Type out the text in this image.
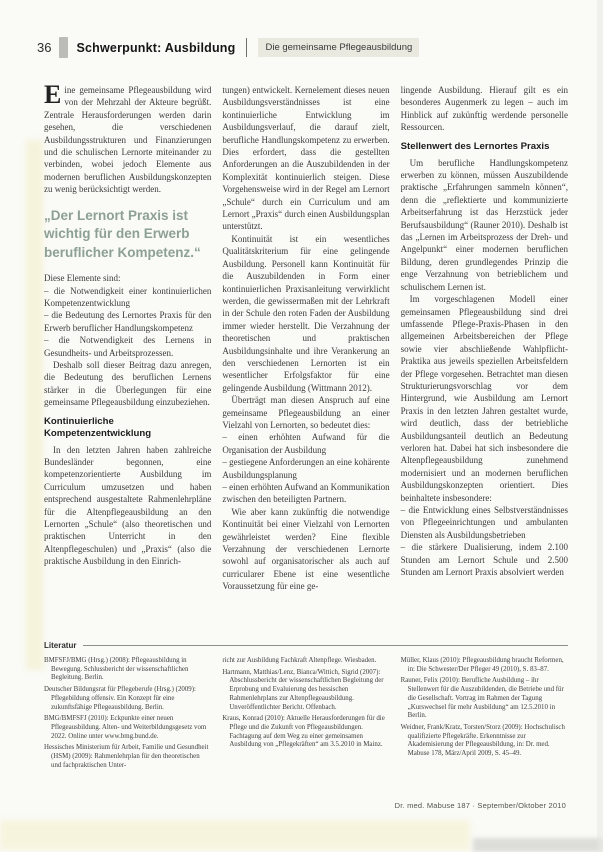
36 Schwerpunkt: Ausbildung	Die gemeinsame Pflegeausbildung

Eine gemeinsame Pflegeausbildung wird von der Mehrzahl der Akteure begrüßt. Zentrale Herausforderungen werden darin gesehen, die verschiedenen Ausbildungsstrukturen und Finanzierungen und die schulischen Lernorte miteinander zu verbinden, wobei jedoch Elemente aus modernen beruflichen Ausbildungskonzepten zu wenig berücksichtigt werden.

„Der Lernort Praxis ist wichtig für den Erwerb beruflicher Kompetenz.“

Diese Elemente sind:

– die Notwendigkeit einer kontinuierlichen Kompetenzentwicklung

– die Bedeutung des Lernortes Praxis für den Erwerb beruflicher Handlungskompetenz

– die Notwendigkeit des Lernens in Gesundheits- und Arbeitsprozessen.

Deshalb soll dieser Beitrag dazu anregen, die Bedeutung des beruflichen Lernens stärker in die Überlegungen für eine gemeinsame Pflegeausbildung einzubeziehen.

Kontinuierliche Kompetenzentwicklung

In den letzten Jahren haben zahlreiche Bundesländer begonnen, eine kompetenzorientierte Ausbildung im Curriculum umzusetzen und haben entsprechend ausgestaltete Rahmenlehrpläne für die Altenpflegeausbildung an den Lernorten „Schule“ (also theoretischen und praktischen Unterricht in den Altenpflegeschulen) und „Praxis“ (also die praktische Ausbildung in den Einrich-

tungen) entwickelt. Kernelement dieses neuen Ausbildungsverständnisses ist eine kontinuierliche Entwicklung im Ausbildungsverlauf, die darauf zielt, berufliche Handlungskompetenz zu erwerben. Dies erfordert, dass die gestellten Anforderungen an die Auszubildenden in der Komplexität kontinuierlich steigen. Diese Vorgehensweise wird in der Regel am Lernort „Schule“ durch ein Curriculum und am Lernort „Praxis“ durch einen Ausbildungsplan unterstützt.

Kontinuität ist ein wesentliches Qualitätskriterium für eine gelingende Ausbildung. Personell kann Kontinuität für die Auszubildenden in Form einer kontinuierlichen Praxisanleitung verwirklicht werden, die gewissermaßen mit der Lehrkraft in der Schule den roten Faden der Ausbildung immer wieder herstellt. Die Verzahnung der theoretischen und praktischen Ausbildungsinhalte und ihre Verankerung an den verschiedenen Lernorten ist ein wesentlicher Erfolgsfaktor für eine gelingende Ausbildung (Wittmann 2012).

Überträgt man diesen Anspruch auf eine gemeinsame Pflegeausbildung an einer Vielzahl von Lernorten, so bedeutet dies:

– einen erhöhten Aufwand für die Organisation der Ausbildung

– gestiegene Anforderungen an eine kohärente Ausbildungsplanung

– einen erhöhten Aufwand an Kommunikation zwischen den beteiligten Partnern.

Wie aber kann zukünftig die notwendige Kontinuität bei einer Vielzahl von Lernorten gewährleistet werden? Eine flexible Verzahnung der verschiedenen Lernorte sowohl auf organisatorischer als auch auf curricularer Ebene ist eine wesentliche Voraussetzung für eine ge-

lingende Ausbildung. Hierauf gilt es ein besonderes Augenmerk zu legen – auch im Hinblick auf zukünftig werdende personelle Ressourcen.

Stellenwert des Lernortes Praxis

Um berufliche Handlungskompetenz erwerben zu können, müssen Auszubildende praktische „Erfahrungen sammeln können“, denn die „reflektierte und kommunizierte Arbeitserfahrung ist das Herzstück jeder Berufsausbildung“ (Rauner 2010). Deshalb ist das „Lernen im Arbeitsprozess der Dreh- und Angelpunkt“ einer modernen beruflichen Bildung, deren grundlegendes Prinzip die enge Verzahnung von betrieblichem und schulischem Lernen ist.

Im vorgeschlagenen Modell einer gemeinsamen Pflegeausbildung sind drei umfassende Pflege-Praxis-Phasen in den allgemeinen Arbeitsbereichen der Pflege sowie vier abschließende Wahlpflicht-Praktika aus jeweils speziellen Arbeitsfeldern der Pflege vorgesehen. Betrachtet man diesen Strukturierungsvorschlag vor dem Hintergrund, wie Ausbildung am Lernort Praxis in den letzten Jahren gestaltet wurde, wird deutlich, dass der betriebliche Ausbildungsanteil deutlich an Bedeutung verloren hat. Dabei hat sich insbesondere die Altenpflegeausbildung zunehmend modernisiert und an modernen beruflichen Ausbildungskonzepten orientiert. Dies beinhaltete insbesondere:

– die Entwicklung eines Selbstverständnisses von Pflegeeinrichtungen und ambulanten Diensten als Ausbildungsbetrieben

– die stärkere Dualisierung, indem 2.100 Stunden am Lernort Schule und 2.500 Stunden am Lernort Praxis absolviert werden

Literatur

BMFSFJ/BMG (Hrsg.) (2008): Pflegeausbildung in Bewegung. Schlussbericht der wissenschaftlichen Begleitung. Berlin.

Deutscher Bildungsrat für Pflegeberufe (Hrsg.) (2009): Pflegebildung offensiv. Ein Konzept für eine zukunftsfähige Pflegeausbildung. Berlin.

BMG/BMFSFJ (2010): Eckpunkte einer neuen Pflegeausbildung. Alten- und Weiterbildungsgesetz vom 2022. Online unter www.bmg.bund.de.

Hessisches Ministerium für Arbeit, Familie und Gesundheit (HSM) (2009): Rahmenlehrplan für den theoretischen und fachpraktischen Unter-

richt zur Ausbildung Fachkraft Altenpflege. Wiesbaden.

Hartmann, Matthias/Lenz, Bianca/Wittich, Sigrid (2007): Abschlussbericht der wissenschaftlichen Begleitung der Erprobung und Evaluierung des hessischen Rahmenlehrplans zur Altenpflegeausbildung. Unveröffentlichter Bericht. Offenbach.

Kraus, Konrad (2010): Aktuelle Herausforderungen für die Pflege und die Zukunft von Pflegeausbildungen. Fachtagung auf dem Weg zu einer gemeinsamen Ausbildung von „Pflegekräften“ am 3.5.2010 in Mainz.

Müller, Klaus (2010): Pflegeausbildung braucht Reformen, in: Die Schwester/Der Pfleger 49 (2010), S. 83–87.

Rauner, Felix (2010): Berufliche Ausbildung – ihr Stellenwert für die Auszubildenden, die Betriebe und für die Gesellschaft. Vortrag im Rahmen der Tagung „Kurswechsel für mehr Ausbildung“ am 12.5.2010 in Berlin.

Weidner, Frank/Kratz, Torsten/Storz (2009): Hochschulisch qualifizierte Pflegekräfte. Erkenntnisse zur Akademisierung der Pflegeausbildung, in: Dr. med. Mabuse 178, März/April 2009, S. 45–49.

Dr. med. Mabuse 187 · September/Oktober 2010
